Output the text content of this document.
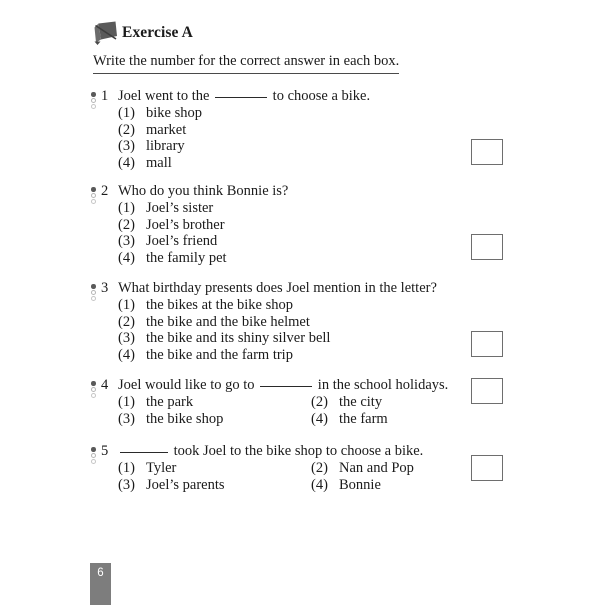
Exercise A
Write the number for the correct answer in each box.
1 Joel went to the	to choose a bike.
(1) bike shop
(2) market
(3) library
(4) mall
2 Who do you think Bonnie is?
(1) Joel’s sister
(2) Joel’s brother
(3) Joel’s friend
(4) the family pet
3 What birthday presents does Joel mention in the letter?
(1) the bikes at the bike shop
(2) the bike and the bike helmet
(3) the bike and its shiny silver bell
(4) the bike and the farm trip
4 Joel would like to go to	in the school holidays.
(1) the park	(2) the city
(3) the bike shop	(4) the farm
5	took Joel to the bike shop to choose a bike.
(1) Tyler	(2) Nan and Pop
(3) Joel’s parents	(4) Bonnie
6
